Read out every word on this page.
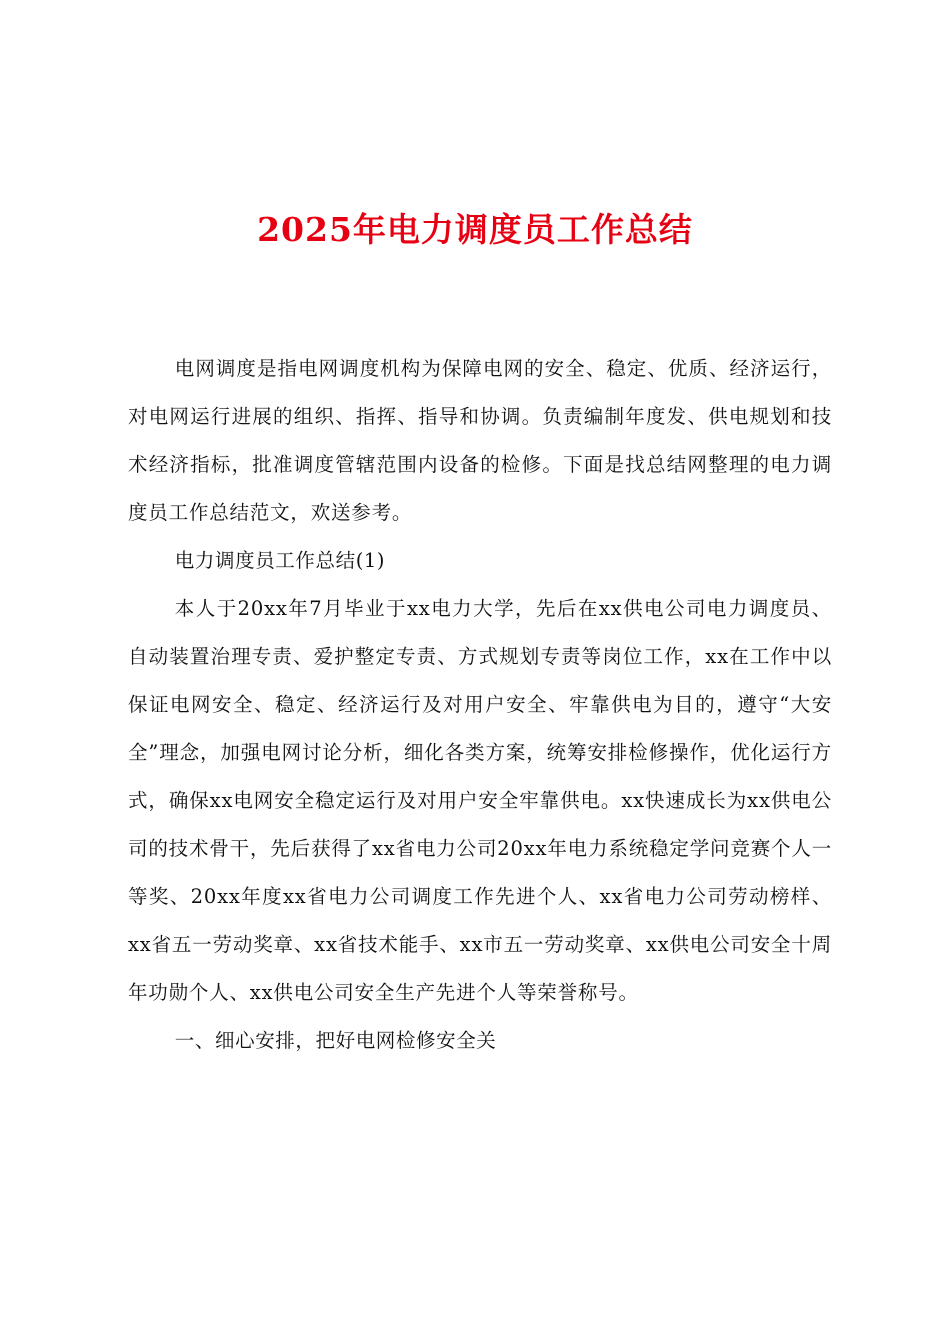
2025年电力调度员工作总结

电网调度是指电网调度机构为保障电网的安全、稳定、优质、经济运行，对电网运行进展的组织、指挥、指导和协调。负责编制年度发、供电规划和技术经济指标，批准调度管辖范围内设备的检修。下面是找总结网整理的电力调度员工作总结范文，欢送参考。

电力调度员工作总结(1)

本人于20xx年7月毕业于xx电力大学，先后在xx供电公司电力调度员、自动装置治理专责、爱护整定专责、方式规划专责等岗位工作，xx在工作中以保证电网安全、稳定、经济运行及对用户安全、牢靠供电为目的，遵守“大安全”理念，加强电网讨论分析，细化各类方案，统筹安排检修操作，优化运行方式，确保xx电网安全稳定运行及对用户安全牢靠供电。xx快速成长为xx供电公司的技术骨干，先后获得了xx省电力公司20xx年电力系统稳定学问竞赛个人一等奖、20xx年度xx省电力公司调度工作先进个人、xx省电力公司劳动榜样、xx省五一劳动奖章、xx省技术能手、xx市五一劳动奖章、xx供电公司安全十周年功勋个人、xx供电公司安全生产先进个人等荣誉称号。

一、细心安排，把好电网检修安全关
